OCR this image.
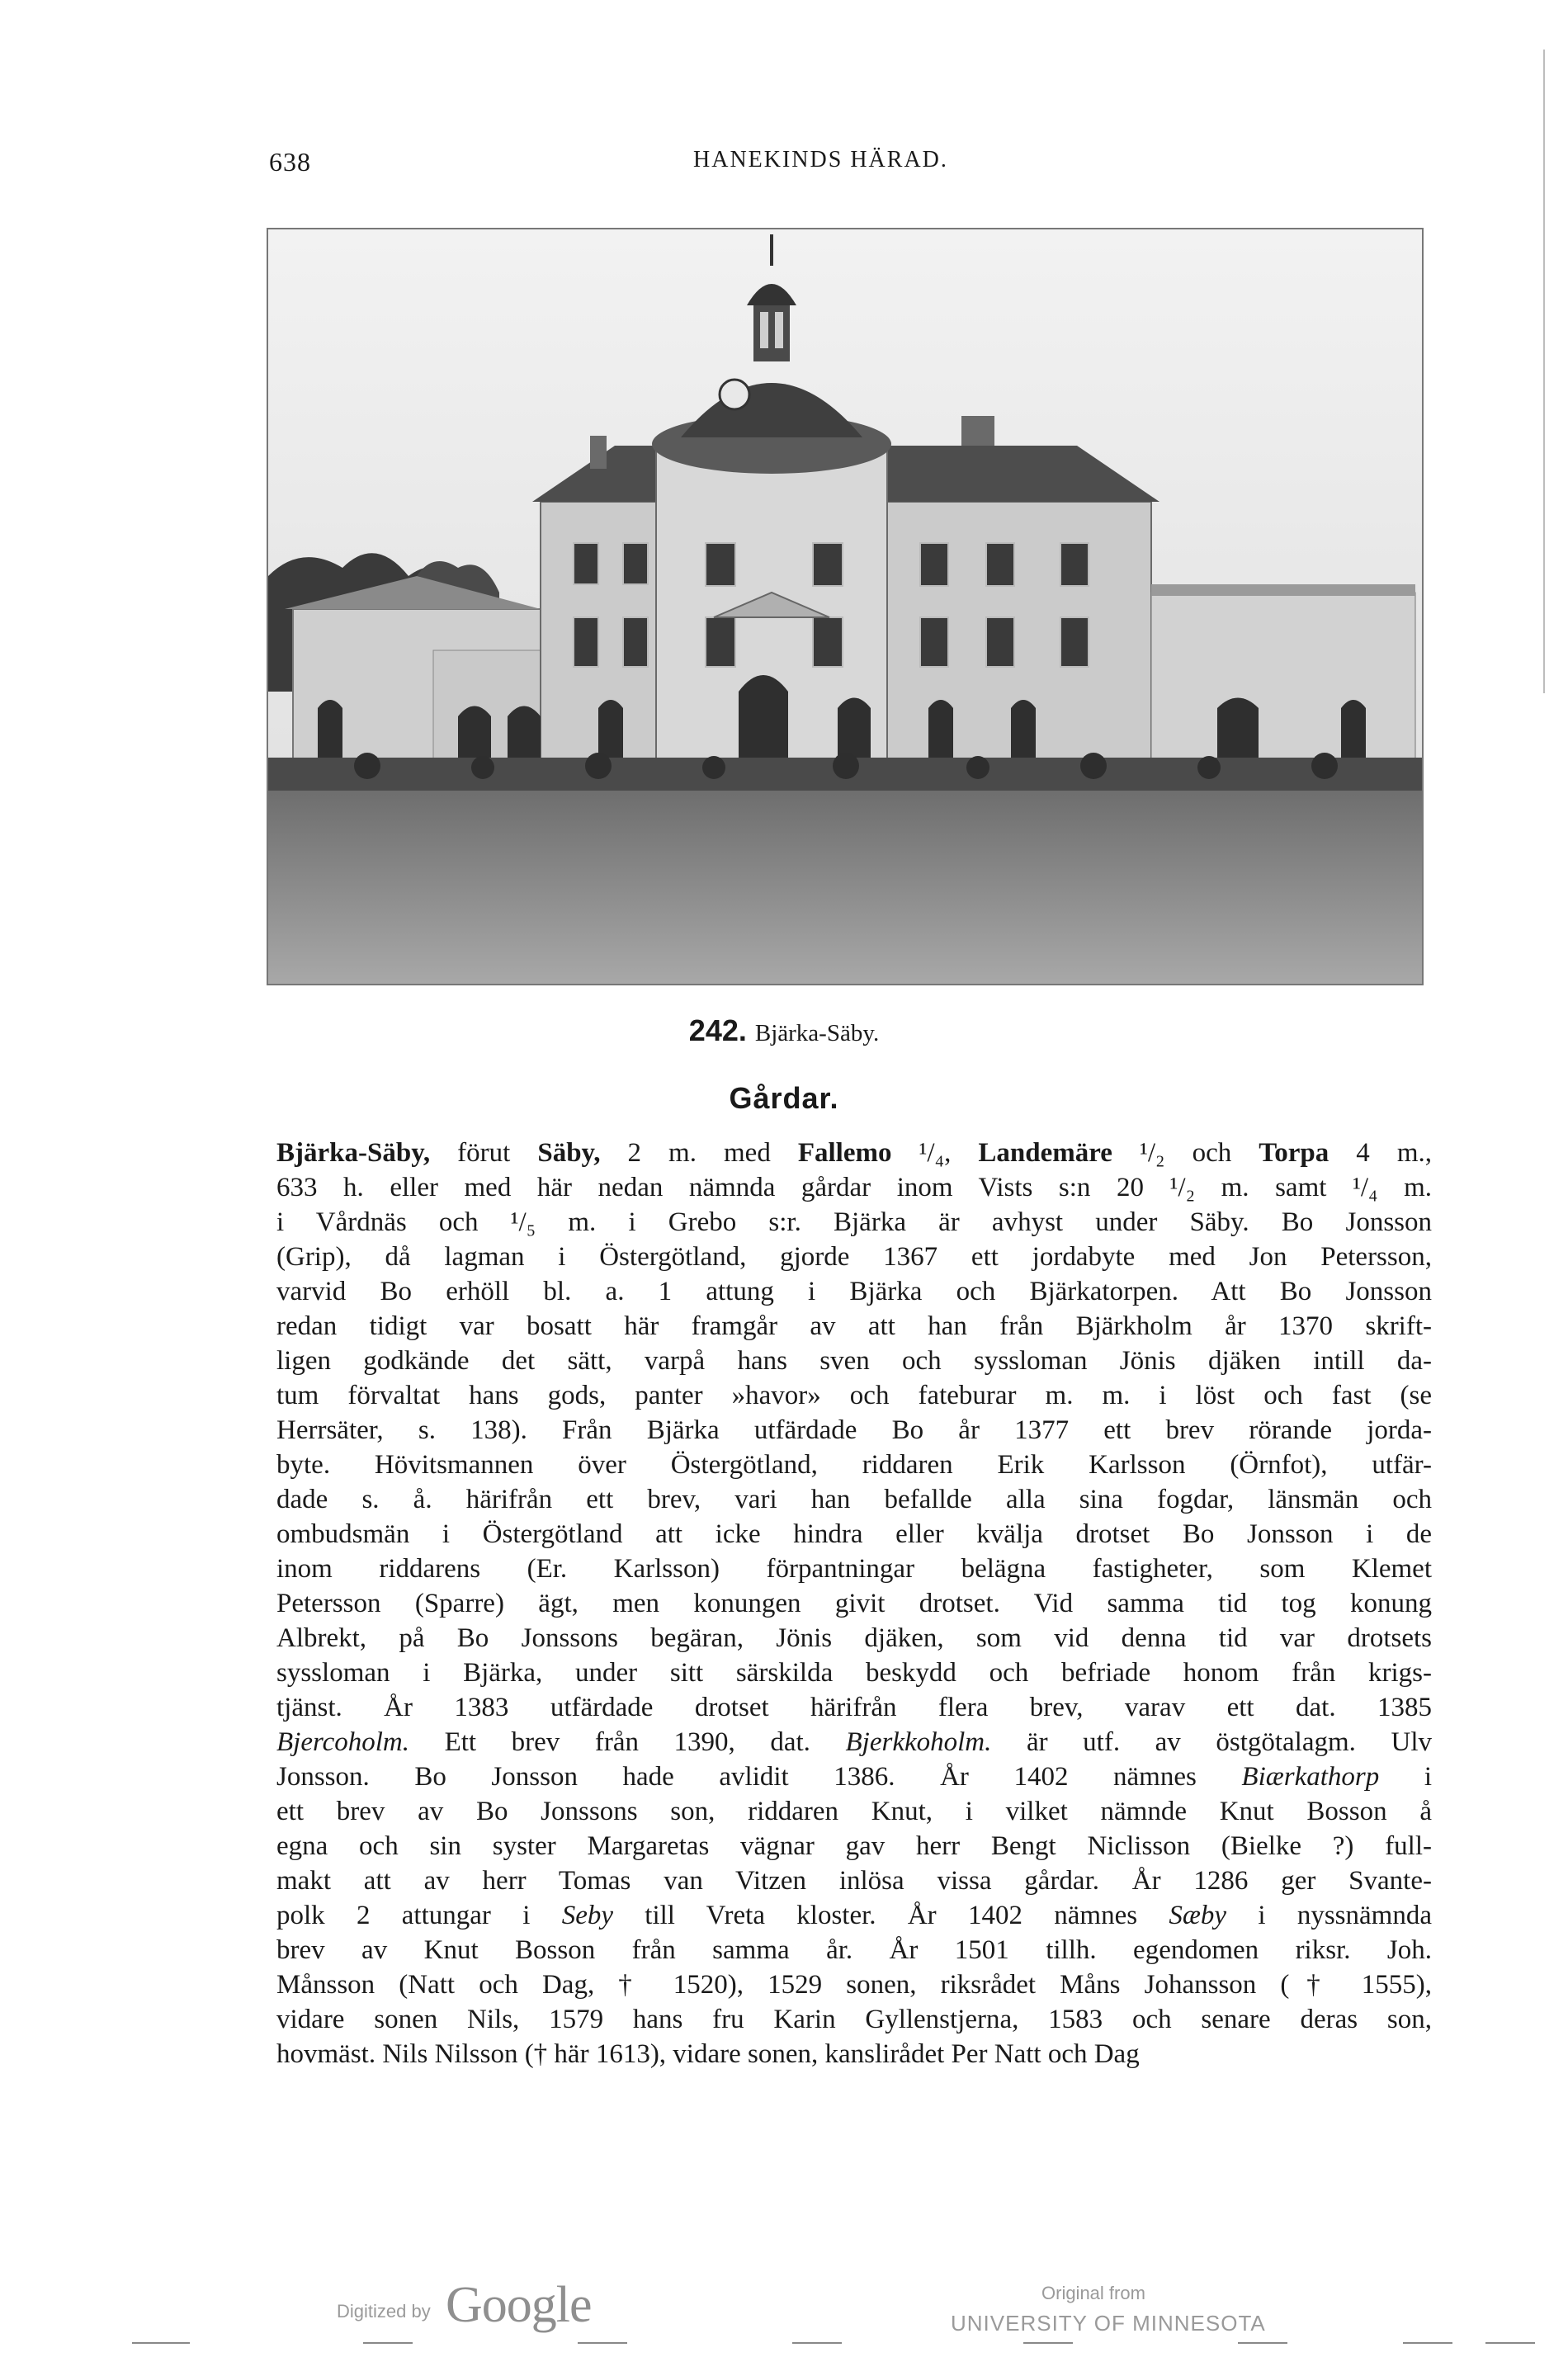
638	HANEKINDS HÄRAD.
242. Bjärka-Säby.
Gårdar.
Bjärka-Säby, förut Säby, 2 m. med Fallemo ¹/₄, Landemäre ¹/₂ och Torpa 4 m.,
633 h. eller med här nedan nämnda gårdar inom Vists s:n 20 ¹/₂ m. samt ¹/₄ m.
i Vårdnäs och ¹/₅ m. i Grebo s:r. Bjärka är avhyst under Säby. Bo Jonsson
(Grip), då lagman i Östergötland, gjorde 1367 ett jordabyte med Jon Petersson,
varvid Bo erhöll bl. a. 1 attung i Bjärka och Bjärkatorpen. Att Bo Jonsson
redan tidigt var bosatt här framgår av att han från Bjärkholm år 1370 skrift-
ligen godkände det sätt, varpå hans sven och syssloman Jönis djäken intill da-
tum förvaltat hans gods, panter »havor» och fateburar m. m. i löst och fast (se
Herrsäter, s. 138). Från Bjärka utfärdade Bo år 1377 ett brev rörande jorda-
byte. Hövitsmannen över Östergötland, riddaren Erik Karlsson (Örnfot), utfär-
dade s. å. härifrån ett brev, vari han befallde alla sina fogdar, länsmän och
ombudsmän i Östergötland att icke hindra eller kvälja drotset Bo Jonsson i de
inom riddarens (Er. Karlsson) förpantningar belägna fastigheter, som Klemet
Petersson (Sparre) ägt, men konungen givit drotset. Vid samma tid tog konung
Albrekt, på Bo Jonssons begäran, Jönis djäken, som vid denna tid var drotsets
syssloman i Bjärka, under sitt särskilda beskydd och befriade honom från krigs-
tjänst. År 1383 utfärdade drotset härifrån flera brev, varav ett dat. 1385
Bjercoholm. Ett brev från 1390, dat. Bjerkkoholm. är utf. av östgötalagm. Ulv
Jonsson. Bo Jonsson hade avlidit 1386. År 1402 nämnes Biærkathorp i
ett brev av Bo Jonssons son, riddaren Knut, i vilket nämnde Knut Bosson å
egna och sin syster Margaretas vägnar gav herr Bengt Niclisson (Bielke ?) full-
makt att av herr Tomas van Vitzen inlösa vissa gårdar. År 1286 ger Svante-
polk 2 attungar i Seby till Vreta kloster. År 1402 nämnes Sæby i nyssnämnda
brev av Knut Bosson från samma år. År 1501 tillh. egendomen riksr. Joh.
Månsson (Natt och Dag, † 1520), 1529 sonen, riksrådet Måns Johansson († 1555),
vidare sonen Nils, 1579 hans fru Karin Gyllenstjerna, 1583 och senare deras son,
hovmäst. Nils Nilsson († här 1613), vidare sonen, kanslirådet Per Natt och Dag
Digitized by Google	Original from
UNIVERSITY OF MINNESOTA
